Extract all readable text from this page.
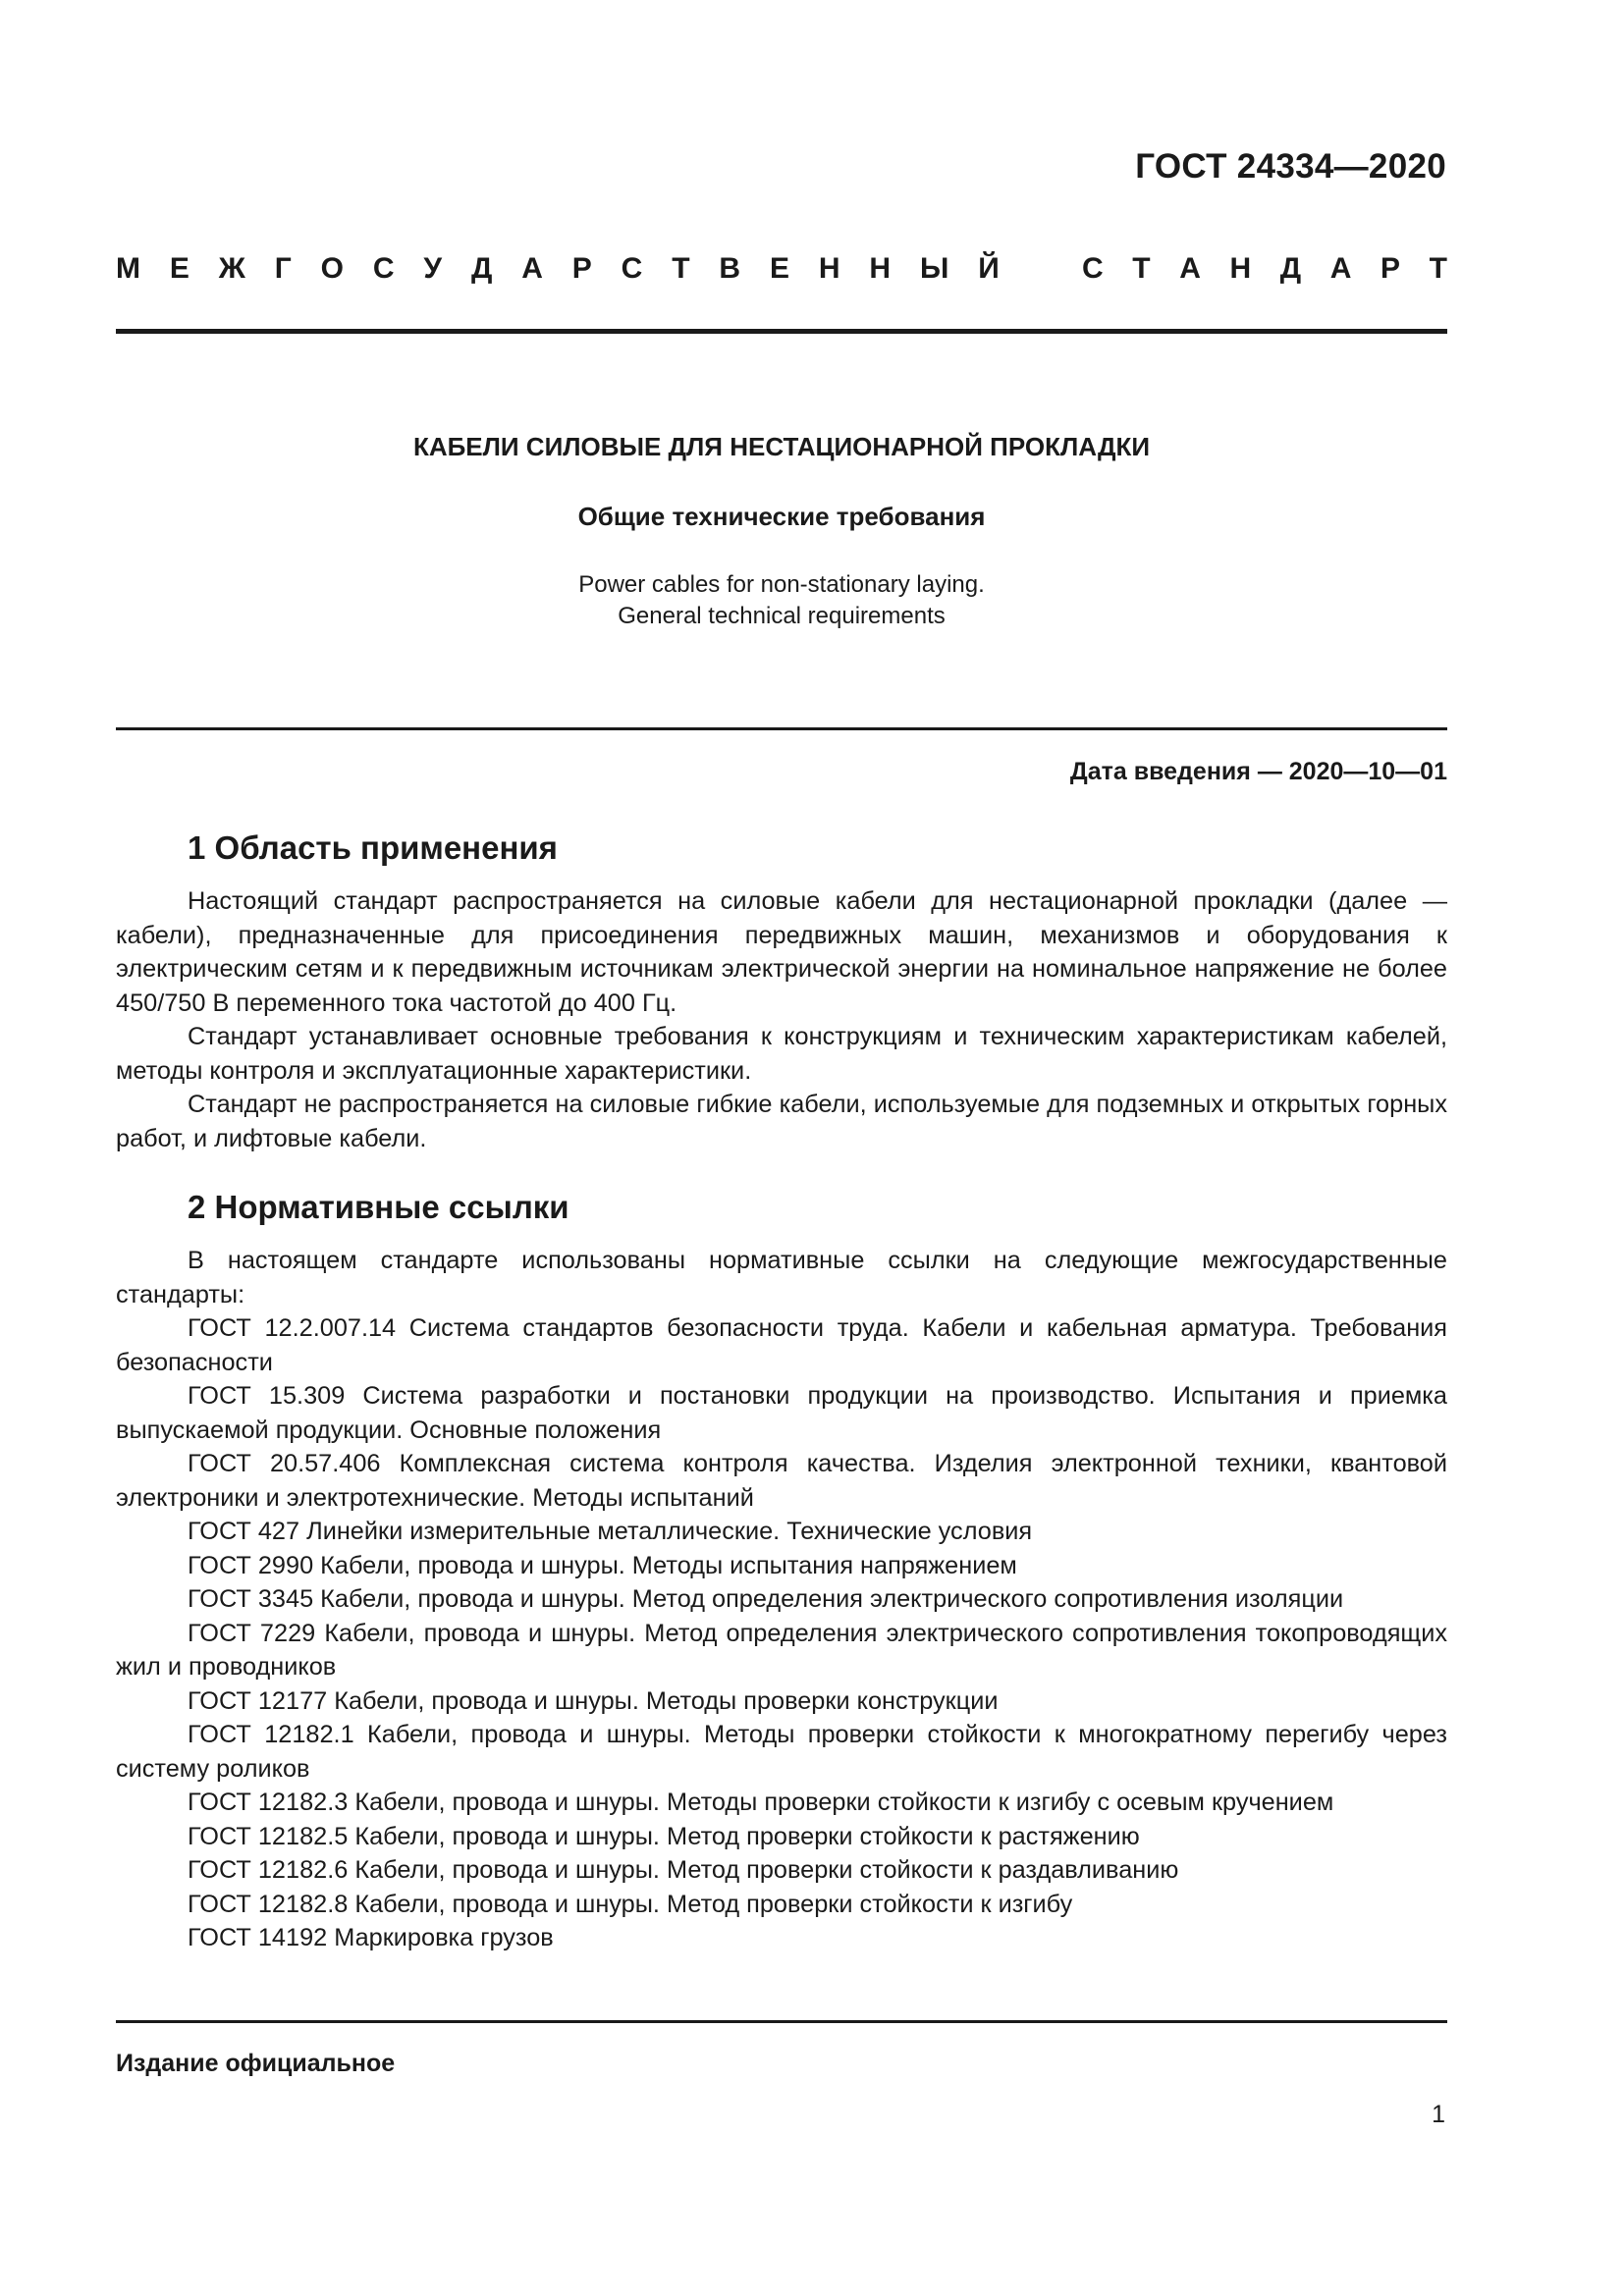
ГОСТ 24334—2020
М Е Ж Г О С У Д А Р С Т В Е Н Н Ы Й	С Т А Н Д А Р Т
КАБЕЛИ СИЛОВЫЕ ДЛЯ НЕСТАЦИОНАРНОЙ ПРОКЛАДКИ
Общие технические требования
Power cables for non-stationary laying.
General technical requirements
Дата введения — 2020—10—01
1 Область применения

Настоящий стандарт распространяется на силовые кабели для нестационарной прокладки (далее — кабели), предназначенные для присоединения передвижных машин, механизмов и оборудования к электрическим сетям и к передвижным источникам электрической энергии на номинальное напряжение не более 450/750 В переменного тока частотой до 400 Гц.

Стандарт устанавливает основные требования к конструкциям и техническим характеристикам кабелей, методы контроля и эксплуатационные характеристики.

Стандарт не распространяется на силовые гибкие кабели, используемые для подземных и открытых горных работ, и лифтовые кабели.

2 Нормативные ссылки

В настоящем стандарте использованы нормативные ссылки на следующие межгосударственные стандарты:

ГОСТ 12.2.007.14 Система стандартов безопасности труда. Кабели и кабельная арматура. Требования безопасности

ГОСТ 15.309 Система разработки и постановки продукции на производство. Испытания и приемка выпускаемой продукции. Основные положения

ГОСТ 20.57.406 Комплексная система контроля качества. Изделия электронной техники, квантовой электроники и электротехнические. Методы испытаний

ГОСТ 427 Линейки измерительные металлические. Технические условия

ГОСТ 2990 Кабели, провода и шнуры. Методы испытания напряжением

ГОСТ 3345 Кабели, провода и шнуры. Метод определения электрического сопротивления изоляции

ГОСТ 7229 Кабели, провода и шнуры. Метод определения электрического сопротивления токопроводящих жил и проводников

ГОСТ 12177 Кабели, провода и шнуры. Методы проверки конструкции

ГОСТ 12182.1 Кабели, провода и шнуры. Методы проверки стойкости к многократному перегибу через систему роликов

ГОСТ 12182.3 Кабели, провода и шнуры. Методы проверки стойкости к изгибу с осевым кручением

ГОСТ 12182.5 Кабели, провода и шнуры. Метод проверки стойкости к растяжению

ГОСТ 12182.6 Кабели, провода и шнуры. Метод проверки стойкости к раздавливанию

ГОСТ 12182.8 Кабели, провода и шнуры. Метод проверки стойкости к изгибу

ГОСТ 14192 Маркировка грузов

Издание официальное
1
